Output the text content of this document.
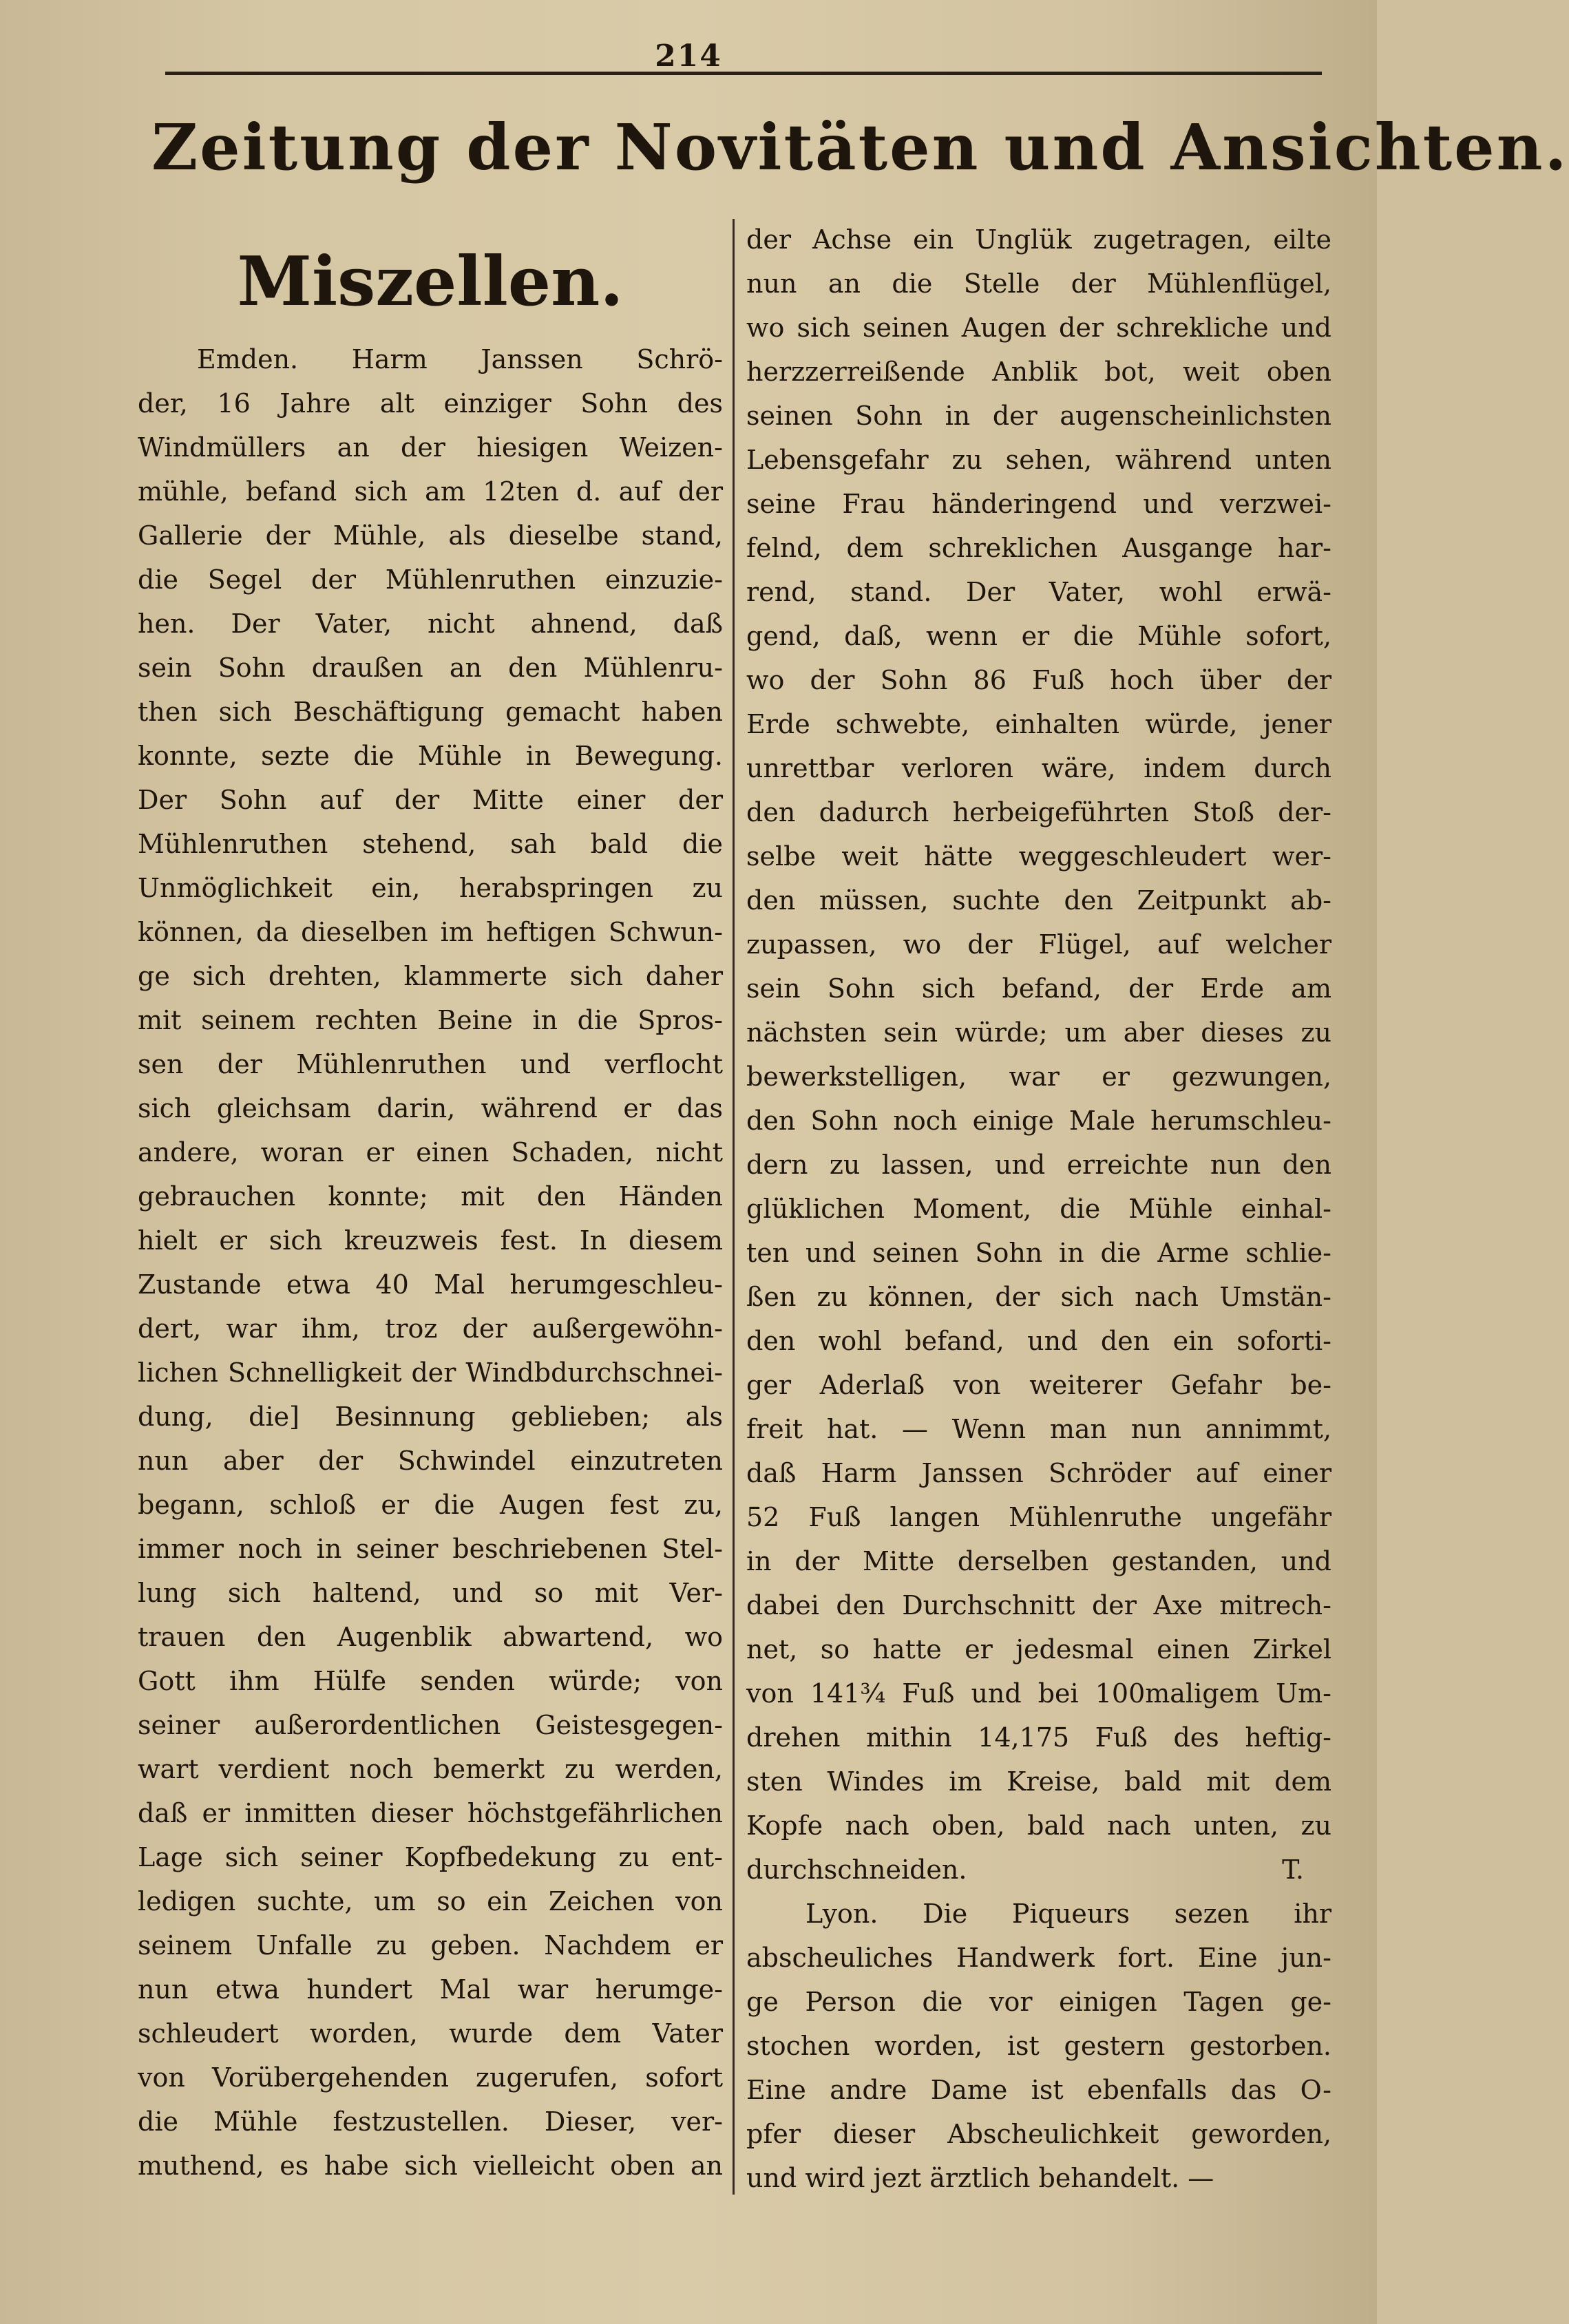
214
Zeitung der Novitäten und Ansichten.
Miszellen.
Emden. Harm Janssen Schrö-
der, 16 Jahre alt einziger Sohn des
Windmüllers an der hiesigen Weizen-
mühle, befand sich am 12ten d. auf der
Gallerie der Mühle, als dieselbe stand,
die Segel der Mühlenruthen einzuzie-
hen. Der Vater, nicht ahnend, daß
sein Sohn draußen an den Mühlenru-
then sich Beschäftigung gemacht haben
konnte, sezte die Mühle in Bewegung.
Der Sohn auf der Mitte einer der
Mühlenruthen stehend, sah bald die
Unmöglichkeit ein, herabspringen zu
können, da dieselben im heftigen Schwun-
ge sich drehten, klammerte sich daher
mit seinem rechten Beine in die Spros-
sen der Mühlenruthen und verflocht
sich gleichsam darin, während er das
andere, woran er einen Schaden, nicht
gebrauchen konnte; mit den Händen
hielt er sich kreuzweis fest. In diesem
Zustande etwa 40 Mal herumgeschleu-
dert, war ihm, troz der außergewöhn-
lichen Schnelligkeit der Windbdurchschnei-
dung, die] Besinnung geblieben; als
nun aber der Schwindel einzutreten
begann, schloß er die Augen fest zu,
immer noch in seiner beschriebenen Stel-
lung sich haltend, und so mit Ver-
trauen den Augenblik abwartend, wo
Gott ihm Hülfe senden würde; von
seiner außerordentlichen Geistesgegen-
wart verdient noch bemerkt zu werden,
daß er inmitten dieser höchstgefährlichen
Lage sich seiner Kopfbedekung zu ent-
ledigen suchte, um so ein Zeichen von
seinem Unfalle zu geben. Nachdem er
nun etwa hundert Mal war herumge-
schleudert worden, wurde dem Vater
von Vorübergehenden zugerufen, sofort
die Mühle festzustellen. Dieser, ver-
muthend, es habe sich vielleicht oben an
der Achse ein Unglük zugetragen, eilte
nun an die Stelle der Mühlenflügel,
wo sich seinen Augen der schrekliche und
herzzerreißende Anblik bot, weit oben
seinen Sohn in der augenscheinlichsten
Lebensgefahr zu sehen, während unten
seine Frau händeringend und verzwei-
felnd, dem schreklichen Ausgange har-
rend, stand. Der Vater, wohl erwä-
gend, daß, wenn er die Mühle sofort,
wo der Sohn 86 Fuß hoch über der
Erde schwebte, einhalten würde, jener
unrettbar verloren wäre, indem durch
den dadurch herbeigeführten Stoß der-
selbe weit hätte weggeschleudert wer-
den müssen, suchte den Zeitpunkt ab-
zupassen, wo der Flügel, auf welcher
sein Sohn sich befand, der Erde am
nächsten sein würde; um aber dieses zu
bewerkstelligen, war er gezwungen,
den Sohn noch einige Male herumschleu-
dern zu lassen, und erreichte nun den
glüklichen Moment, die Mühle einhal-
ten und seinen Sohn in die Arme schlie-
ßen zu können, der sich nach Umstän-
den wohl befand, und den ein soforti-
ger Aderlaß von weiterer Gefahr be-
freit hat. — Wenn man nun annimmt,
daß Harm Janssen Schröder auf einer
52 Fuß langen Mühlenruthe ungefähr
in der Mitte derselben gestanden, und
dabei den Durchschnitt der Axe mitrech-
net, so hatte er jedesmal einen Zirkel
von 141¾ Fuß und bei 100maligem Um-
drehen mithin 14,175 Fuß des heftig-
sten Windes im Kreise, bald mit dem
Kopfe nach oben, bald nach unten, zu
durchschneiden.
Lyon. Die Piqueurs sezen ihr
abscheuliches Handwerk fort. Eine jun-
ge Person die vor einigen Tagen ge-
stochen worden, ist gestern gestorben.
Eine andre Dame ist ebenfalls das O-
pfer dieser Abscheulichkeit geworden,
und wird jezt ärztlich behandelt. —
T.
